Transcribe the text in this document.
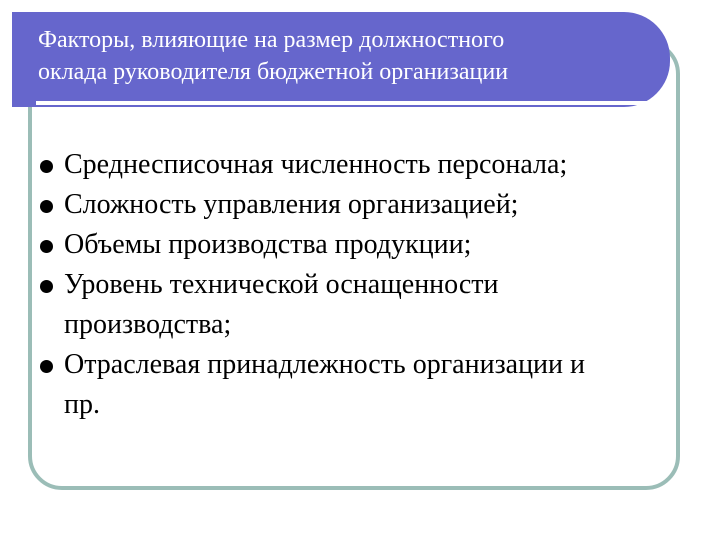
Факторы, влияющие на размер должностного
оклада руководителя бюджетной организации
Среднесписочная численность персонала;
Сложность управления организацией;
Объемы производства продукции;
Уровень технической оснащенности
производства;
Отраслевая принадлежность организации и
пр.
